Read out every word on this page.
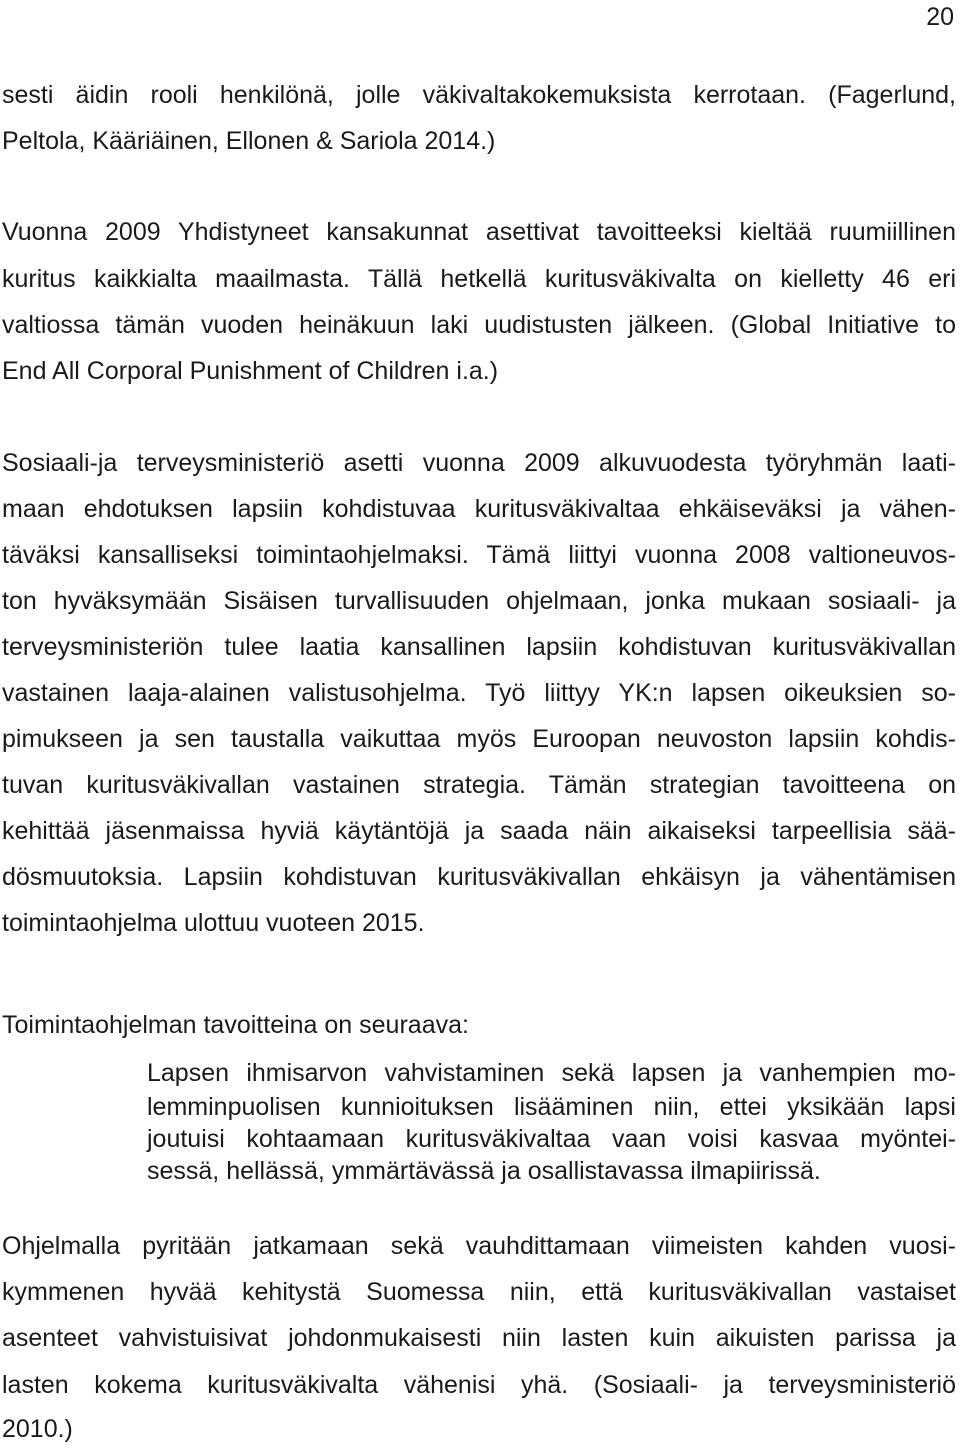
20
sesti äidin rooli henkilönä, jolle väkivaltakokemuksista kerrotaan. (Fagerlund,
Peltola, Kääriäinen, Ellonen & Sariola 2014.)
Vuonna 2009 Yhdistyneet kansakunnat asettivat tavoitteeksi kieltää ruumiillinen
kuritus kaikkialta maailmasta. Tällä hetkellä kuritusväkivalta on kielletty 46 eri
valtiossa tämän vuoden heinäkuun laki uudistusten jälkeen. (Global Initiative to
End All Corporal Punishment of Children i.a.)
Sosiaali-ja terveysministeriö asetti vuonna 2009 alkuvuodesta työryhmän laati-
maan ehdotuksen lapsiin kohdistuvaa kuritusväkivaltaa ehkäiseväksi ja vähen-
täväksi kansalliseksi toimintaohjelmaksi. Tämä liittyi vuonna 2008 valtioneuvos-
ton hyväksymään Sisäisen turvallisuuden ohjelmaan, jonka mukaan sosiaali- ja
terveysministeriön tulee laatia kansallinen lapsiin kohdistuvan kuritusväkivallan
vastainen laaja-alainen valistusohjelma. Työ liittyy YK:n lapsen oikeuksien so-
pimukseen ja sen taustalla vaikuttaa myös Euroopan neuvoston lapsiin kohdis-
tuvan kuritusväkivallan vastainen strategia. Tämän strategian tavoitteena on
kehittää jäsenmaissa hyviä käytäntöjä ja saada näin aikaiseksi tarpeellisia sää-
dösmuutoksia. Lapsiin kohdistuvan kuritusväkivallan ehkäisyn ja vähentämisen
toimintaohjelma ulottuu vuoteen 2015.
Toimintaohjelman tavoitteina on seuraava:
Lapsen ihmisarvon vahvistaminen sekä lapsen ja vanhempien mo-
lemminpuolisen kunnioituksen lisääminen niin, ettei yksikään lapsi
joutuisi kohtaamaan kuritusväkivaltaa vaan voisi kasvaa myöntei-
sessä, hellässä, ymmärtävässä ja osallistavassa ilmapiirissä.
Ohjelmalla pyritään jatkamaan sekä vauhdittamaan viimeisten kahden vuosi-
kymmenen hyvää kehitystä Suomessa niin, että kuritusväkivallan vastaiset
asenteet vahvistuisivat johdonmukaisesti niin lasten kuin aikuisten parissa ja
lasten kokema kuritusväkivalta vähenisi yhä. (Sosiaali- ja terveysministeriö
2010.)
